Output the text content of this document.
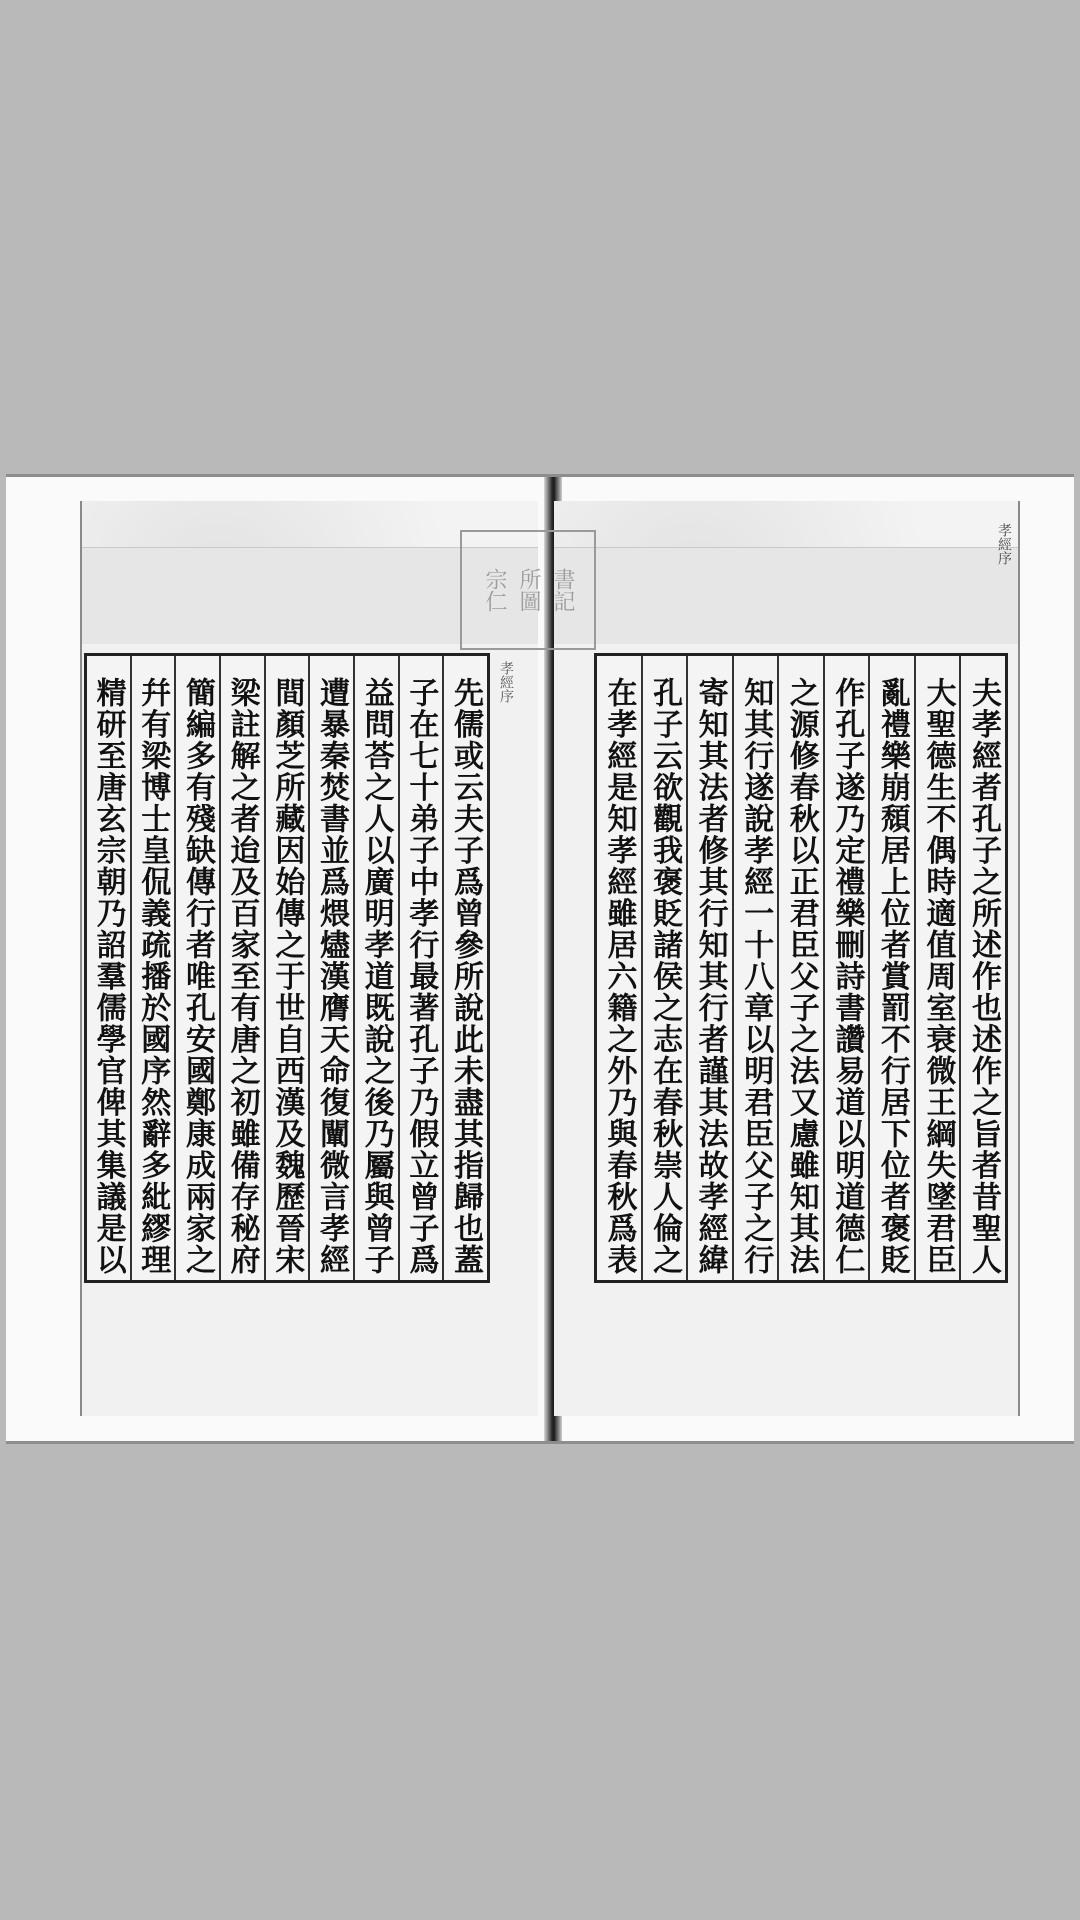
先儒或云夫子爲曾參所說此未盡其指歸也蓋
子在七十弟子中孝行最著孔子乃假立曾子爲
益問荅之人以廣明孝道既說之後乃屬與曾子
遭暴秦焚書並爲煨燼漢膺天命復闡微言孝經
間顏芝所藏因始傳之于世自西漢及魏歷晉宋
梁註解之者迨及百家至有唐之初雖備存秘府
簡編多有殘缺傳行者唯孔安國鄭康成兩家之
幷有梁博士皇侃義疏播於國序然辭多紕繆理
精研至唐玄宗朝乃詔羣儒學官俾其集議是以
孝經序
孝經序
夫孝經者孔子之所述作也述作之旨者昔聖人
大聖德生不偶時適值周室衰微王綱失墜君臣
亂禮樂崩頹居上位者賞罰不行居下位者褒貶
作孔子遂乃定禮樂刪詩書讚易道以明道德仁
之源修春秋以正君臣父子之法又慮雖知其法
知其行遂說孝經一十八章以明君臣父子之行
寄知其法者修其行知其行者謹其法故孝經緯
孔子云欲觀我褒貶諸侯之志在春秋崇人倫之
在孝經是知孝經雖居六籍之外乃與春秋爲表
宗仁 所圖 書記
